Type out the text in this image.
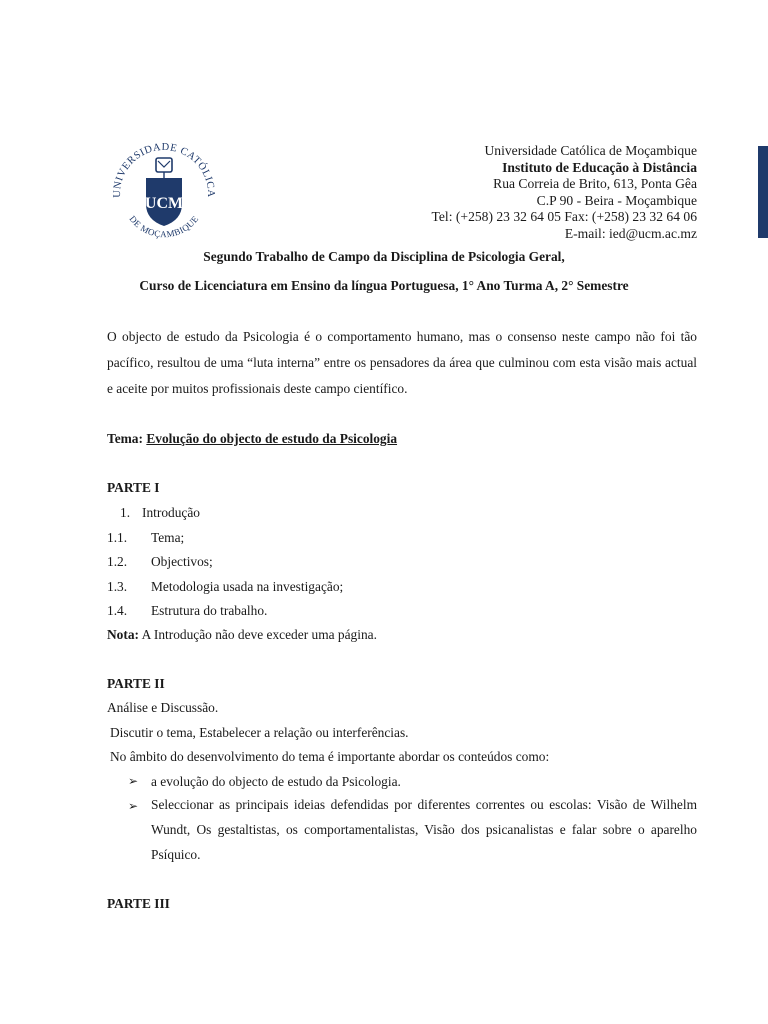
UNIVERSIDADE CATÓLICA
DE MOÇAMBIQUE
UCM
Universidade Católica de Moçambique
Instituto de Educação à Distância
Rua Correia de Brito, 613, Ponta Gêa
C.P 90 - Beira - Moçambique
Tel: (+258) 23 32 64 05 Fax: (+258) 23 32 64 06
E-mail: ied@ucm.ac.mz
Segundo Trabalho de Campo da Disciplina de Psicologia Geral,
Curso de Licenciatura em Ensino da língua Portuguesa, 1° Ano Turma A, 2° Semestre
O objecto de estudo da Psicologia é o comportamento humano, mas o consenso neste campo não foi tão pacífico, resultou de uma “luta interna” entre os pensadores da área que culminou com esta visão mais actual e aceite por muitos profissionais deste campo científico.
Tema: Evolução do objecto de estudo da Psicologia
PARTE I
1. Introdução
1.1. Tema;
1.2. Objectivos;
1.3. Metodologia usada na investigação;
1.4. Estrutura do trabalho.
Nota: A Introdução não deve exceder uma página.
PARTE II
Análise e Discussão.
Discutir o tema, Estabelecer a relação ou interferências.
No âmbito do desenvolvimento do tema é importante abordar os conteúdos como:
➢ a evolução do objecto de estudo da Psicologia.
➢ Seleccionar as principais ideias defendidas por diferentes correntes ou escolas: Visão de Wilhelm Wundt, Os gestaltistas, os comportamentalistas, Visão dos psicanalistas e falar sobre o aparelho Psíquico.
PARTE III
